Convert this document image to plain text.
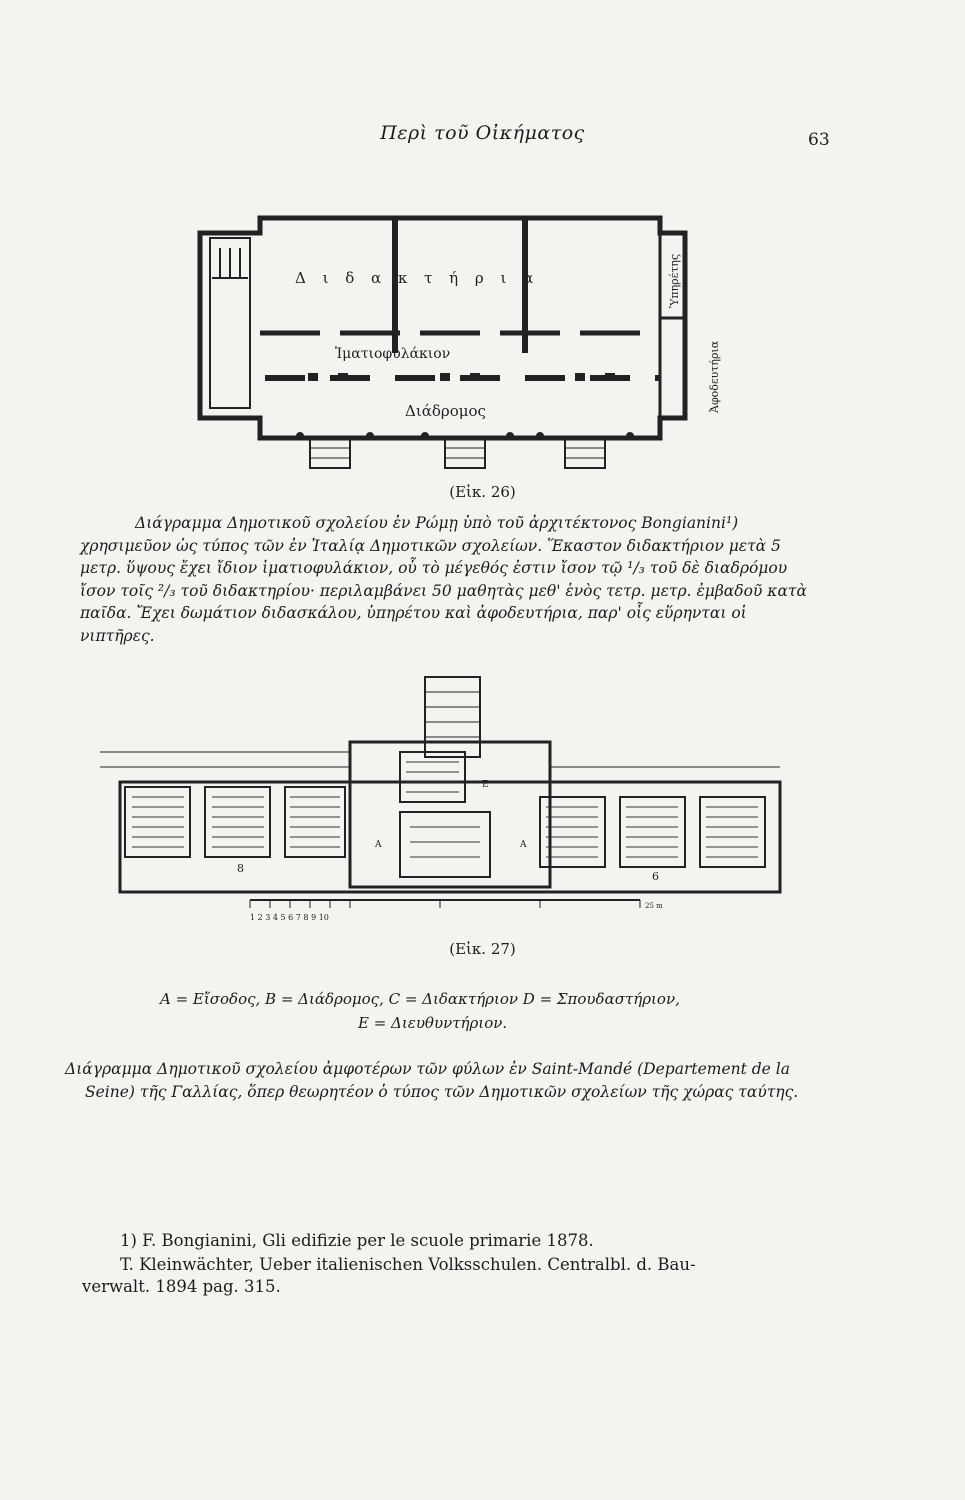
Περὶ τοῦ Οἰκήματος	63
Δ ι δ α κ τ ή ρ ι α
Ἱματιοφυλάκιον
Διάδρομος
Ὑπηρέτης
Ἀφοδευτήρια
(Εἰκ. 26)
Διάγραμμα Δημοτικοῦ σχολείου ἐν Ρώμῃ ὑπὸ τοῦ ἀρχιτέκτονος Bongianini¹) χρησιμεῦον ὡς τύπος τῶν ἐν Ἰταλίᾳ Δημοτικῶν σχολείων. Ἕκαστον διδακτήριον μετὰ 5 μετρ. ὕψους ἔχει ἴδιον ἱματιοφυλάκιον, οὗ τὸ μέγεθός ἐστιν ἴσον τῷ ¹/₃ τοῦ δὲ διαδρόμου ἴσον τοῖς ²/₃ τοῦ διδακτηρίου· περιλαμβάνει 50 μαθητὰς μεθ' ἑνὸς τετρ. μετρ. ἐμβαδοῦ κατὰ παῖδα. Ἔχει δωμάτιον διδασκάλου, ὑπηρέτου καὶ ἀφοδευτήρια, παρ' οἷς εὕρηνται οἱ νιπτῆρες.
8
6
A	A
E
1 2 3 4 5 6 7 8 9 10
25 m
(Εἰκ. 27)
A = Εἴσοδος, B = Διάδρομος, C = Διδακτήριον D = Σπουδαστήριον,
E = Διευθυντήριον.
Διάγραμμα Δημοτικοῦ σχολείου ἀμφοτέρων τῶν φύλων ἐν Saint-Mandé (Departement de la Seine) τῆς Γαλλίας, ὅπερ θεωρητέον ὁ τύπος τῶν Δημοτικῶν σχολείων τῆς χώρας ταύτης.
1) F. Bongianini, Gli edifizie per le scuole primarie 1878.
T. Kleinwächter, Ueber italienischen Volksschulen. Centralbl. d. Bau-
verwalt. 1894 pag. 315.
